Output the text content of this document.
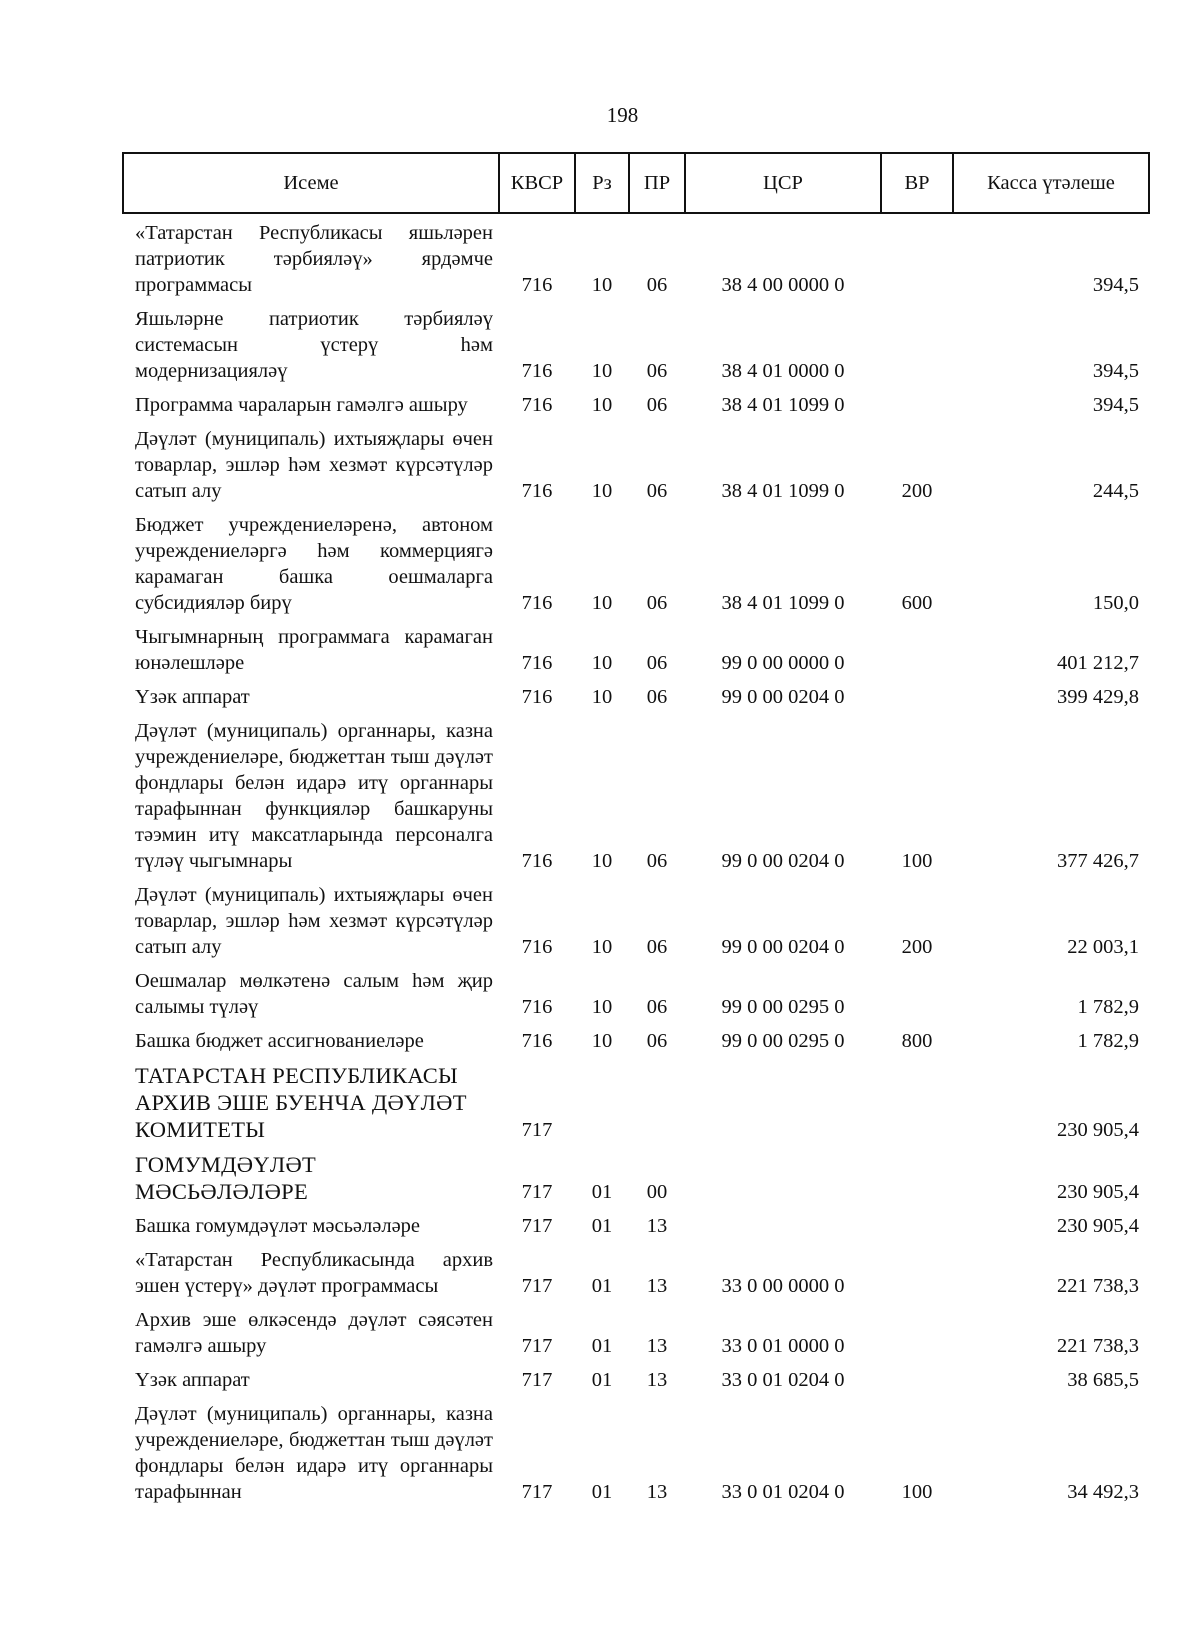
198
Исеме	КВСР	Рз	ПР	ЦСР	ВР	Касса үтәлеше
«Татарстан Республикасы яшьләрен патриотик тәрбияләү» ярдәмче программасы	716	10	06	38 4 00 0000 0		394,5
Яшьләрне патриотик тәрбияләү системасын үстерү һәм модернизацияләү	716	10	06	38 4 01 0000 0		394,5
Программа чараларын гамәлгә ашыру	716	10	06	38 4 01 1099 0		394,5
Дәүләт (муниципаль) ихтыяҗлары өчен товарлар, эшләр һәм хезмәт күрсәтүләр сатып алу	716	10	06	38 4 01 1099 0	200	244,5
Бюджет учреждениеләренә, автоном учреждениеләргә һәм коммерциягә карамаган башка оешмаларга субсидияләр бирү	716	10	06	38 4 01 1099 0	600	150,0
Чыгымнарның программага карамаган юнәлешләре	716	10	06	99 0 00 0000 0		401 212,7
Үзәк аппарат	716	10	06	99 0 00 0204 0		399 429,8
Дәүләт (муниципаль) органнары, казна учреждениеләре, бюджеттан тыш дәүләт фондлары белән идарә итү органнары тарафыннан функцияләр башкаруны тәэмин итү максатларында персоналга түләү чыгымнары	716	10	06	99 0 00 0204 0	100	377 426,7
Дәүләт (муниципаль) ихтыяҗлары өчен товарлар, эшләр һәм хезмәт күрсәтүләр сатып алу	716	10	06	99 0 00 0204 0	200	22 003,1
Оешмалар мөлкәтенә салым һәм җир салымы түләү	716	10	06	99 0 00 0295 0		1 782,9
Башка бюджет ассигнованиеләре	716	10	06	99 0 00 0295 0	800	1 782,9
ТАТАРСТАН РЕСПУБЛИКАСЫ АРХИВ ЭШЕ БУЕНЧА ДӘҮЛӘТ КОМИТЕТЫ	717					230 905,4
ГОМУМДӘҮЛӘТ МӘСЬӘЛӘЛӘРЕ	717	01	00			230 905,4
Башка гомумдәүләт мәсьәләләре	717	01	13			230 905,4
«Татарстан Республикасында архив эшен үстерү» дәүләт программасы	717	01	13	33 0 00 0000 0		221 738,3
Архив эше өлкәсендә дәүләт сәясәтен гамәлгә ашыру	717	01	13	33 0 01 0000 0		221 738,3
Үзәк аппарат	717	01	13	33 0 01 0204 0		38 685,5
Дәүләт (муниципаль) органнары, казна учреждениеләре, бюджеттан тыш дәүләт фондлары белән идарә итү органнары тарафыннан	717	01	13	33 0 01 0204 0	100	34 492,3
